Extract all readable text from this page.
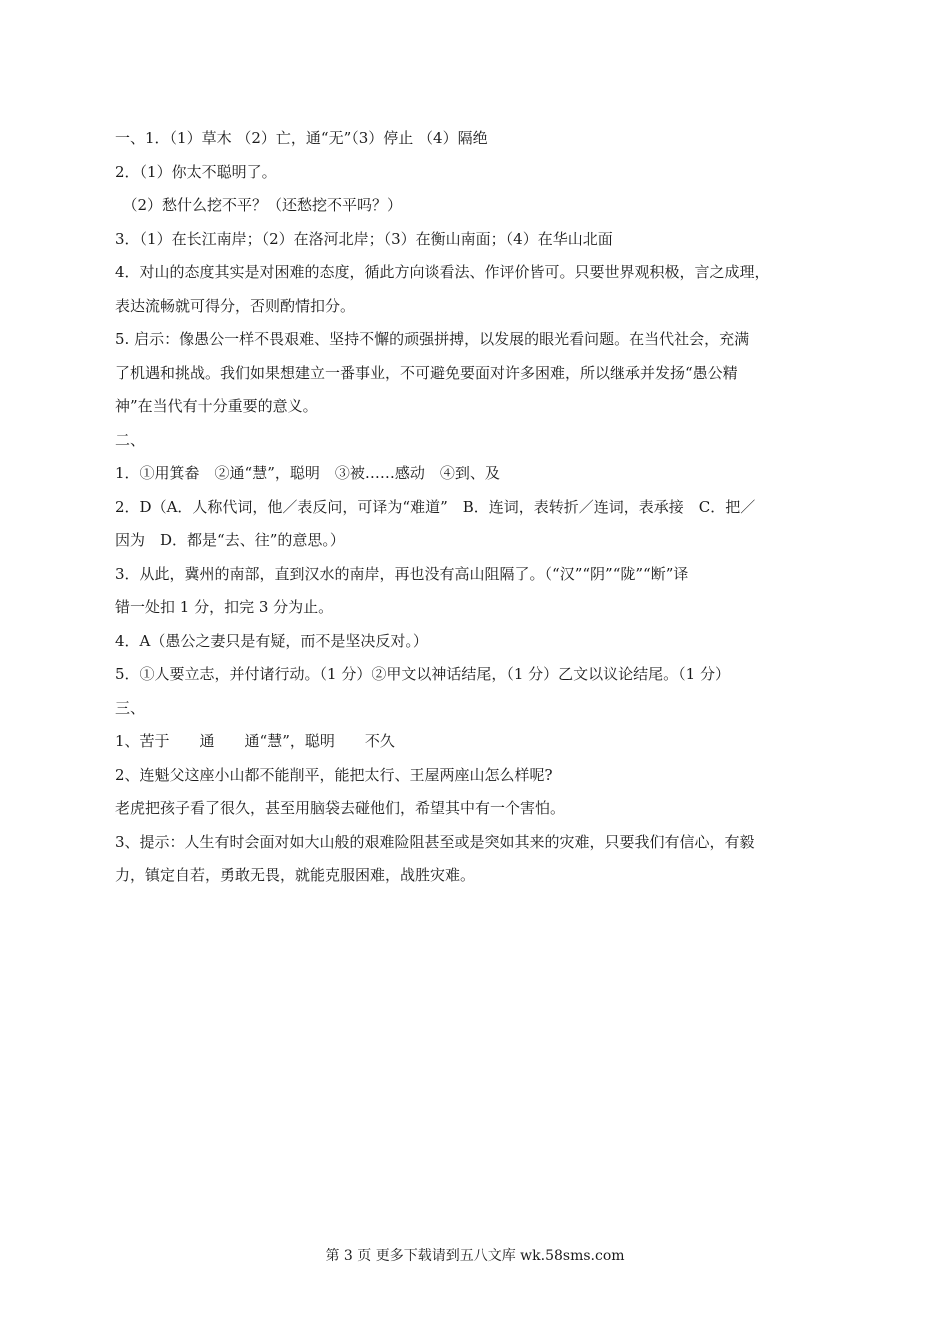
一、1．（1）草木 （2）亡，通“无”（3）停止 （4）隔绝

2．（1）你太不聪明了。

　（2）愁什么挖不平？（还愁挖不平吗？）

3．（1）在长江南岸；（2）在洛河北岸；（3）在衡山南面；（4）在华山北面

4．对山的态度其实是对困难的态度，循此方向谈看法、作评价皆可。只要世界观积极，言之成理，

表达流畅就可得分，否则酌情扣分。

5. 启示：像愚公一样不畏艰难、坚持不懈的顽强拼搏，以发展的眼光看问题。在当代社会，充满

了机遇和挑战。我们如果想建立一番事业，不可避免要面对许多困难，所以继承并发扬“愚公精

神”在当代有十分重要的意义。

二、

1．①用箕畚　②通“慧”，聪明　③被……感动　④到、及

2．D（A．人称代词，他／表反问，可译为“难道”　B．连词，表转折／连词，表承接　C．把／

因为　D．都是“去、往”的意思。）

3．从此，冀州的南部，直到汉水的南岸，再也没有高山阻隔了。（“汉”“阴”“陇”“断”译

错一处扣 1 分，扣完 3 分为止。

4．A（愚公之妻只是有疑，而不是坚决反对。）

5．①人要立志，并付诸行动。（1 分）②甲文以神话结尾，（1 分）乙文以议论结尾。（1 分）

三、

1、苦于　　通　　通“慧”，聪明　　不久

2、连魁父这座小山都不能削平，能把太行、王屋两座山怎么样呢?

老虎把孩子看了很久，甚至用脑袋去碰他们，希望其中有一个害怕。

3、提示：人生有时会面对如大山般的艰难险阻甚至或是突如其来的灾难，只要我们有信心，有毅

力，镇定自若，勇敢无畏，就能克服困难，战胜灾难。

第 3 页 更多下载请到五八文库 wk.58sms.com
